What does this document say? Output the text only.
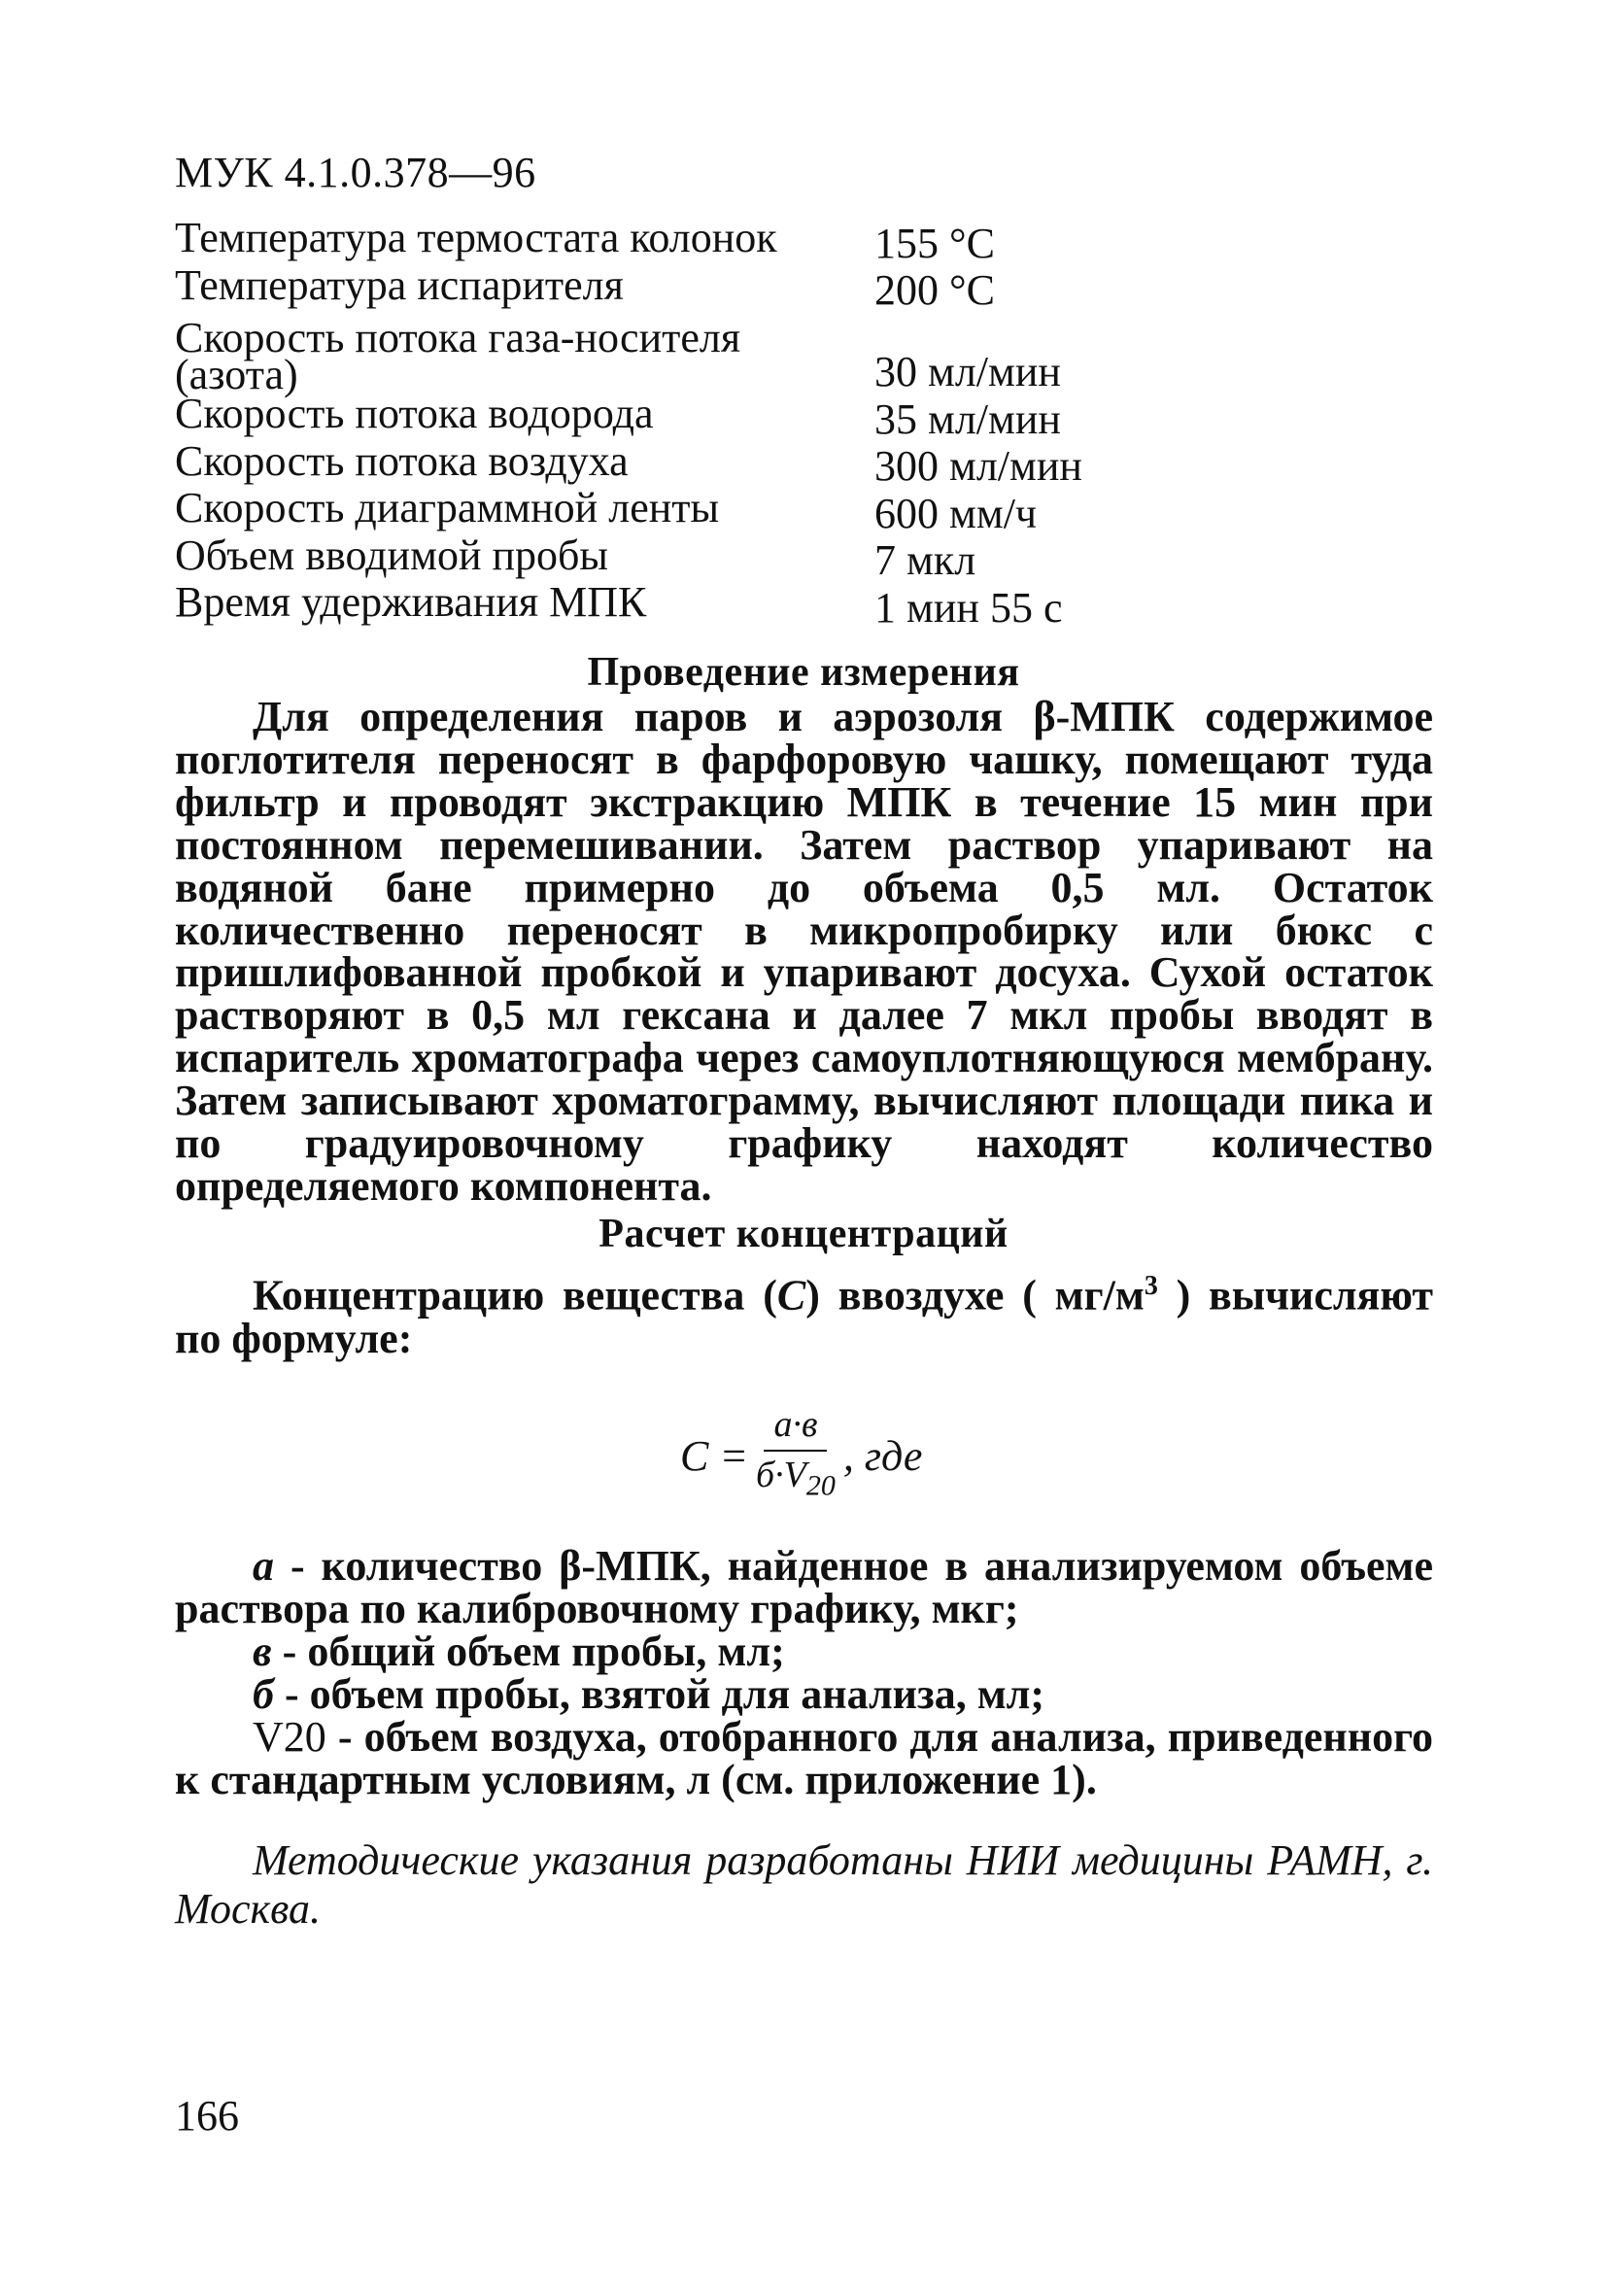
МУК 4.1.0.378—96
Температура термостата колонок	155 °С
Температура испарителя	200 °С
Скорость потока газа-носителя (азота)	30 мл/мин
Скорость потока водорода	35 мл/мин
Скорость потока воздуха	300 мл/мин
Скорость диаграммной ленты	600 мм/ч
Объем вводимой пробы	7 мкл
Время удерживания МПК	1 мин 55 с
Проведение измерения

Для определения паров и аэрозоля β-МПК содержимое поглотителя переносят в фарфоровую чашку, помещают туда фильтр и проводят экстракцию МПК в течение 15 мин при постоянном перемешивании. Затем раствор упаривают на водяной бане примерно до объема 0,5 мл. Остаток количественно переносят в микропробирку или бюкс с пришлифованной пробкой и упаривают досуха. Сухой остаток растворяют в 0,5 мл гексана и далее 7 мкл пробы вводят в испаритель хроматографа через самоуплотняющуюся мембрану. Затем записывают хроматограмму, вычисляют площади пика и по градуировочному графику находят количество определяемого компонента.

Расчет концентраций

Концентрацию вещества (С) ввоздухе ( $мг/м^3$ ) вычисляют по формуле:

$С = \frac{а\cdot в}{б\cdot V_{20}}$ , где

а - количество β-МПК, найденное в анализируемом объеме раствора по калибровочному графику, мкг;

в - общий объем пробы, мл;

б - объем пробы, взятой для анализа, мл;

V20 - объем воздуха, отобранного для анализа, приведенного к стандартным условиям, л (см. приложение 1).

Методические указания разработаны НИИ медицины РАМН, г. Москва.

166
